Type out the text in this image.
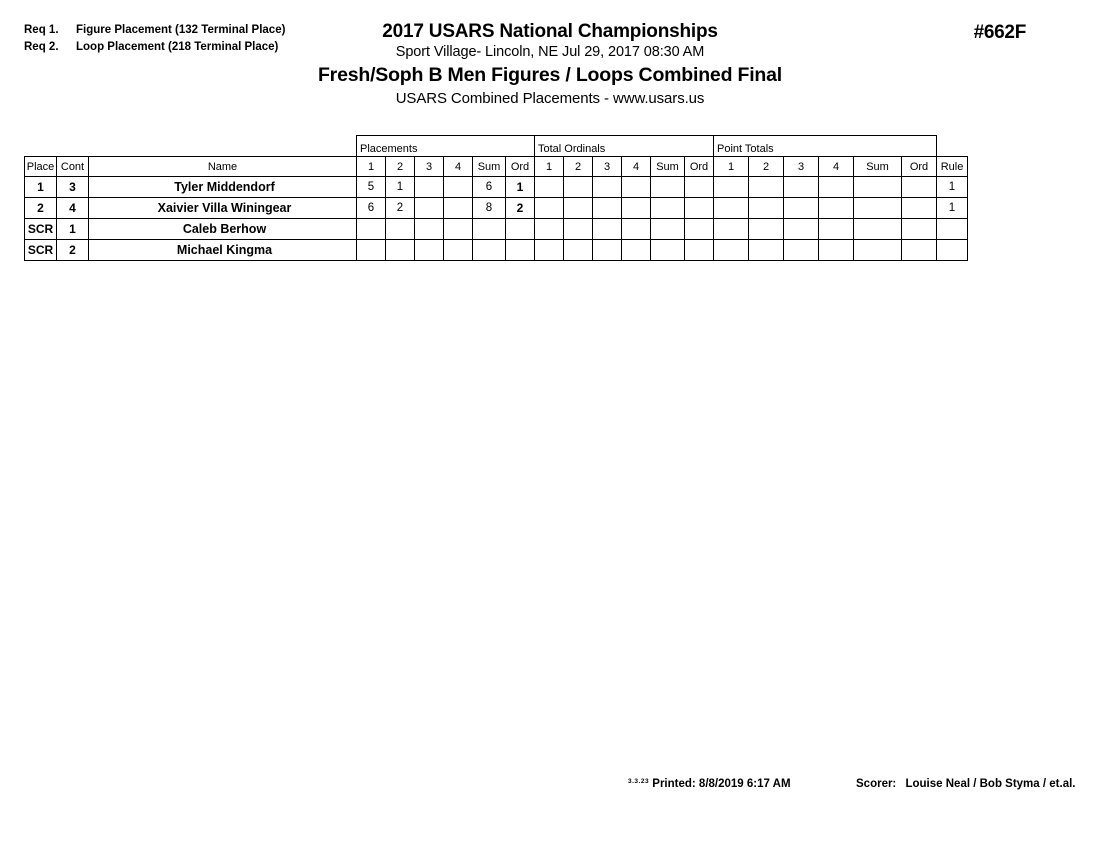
Req 1.	Figure Placement (132 Terminal Place)
Req 2.	Loop Placement (218 Terminal Place)
#662F
2017 USARS National Championships
Sport Village- Lincoln, NE Jul 29, 2017 08:30 AM
Fresh/Soph B Men Figures / Loops Combined Final
USARS Combined Placements - www.usars.us
			Placements						Total Ordinals						Point Totals						
Place	Cont	Name	1	2	3	4	Sum	Ord	1	2	3	4	Sum	Ord	1	2	3	4	Sum	Ord	Rule
1	3	Tyler Middendorf	5	1			6	1													1
2	4	Xaivier Villa Winingear	6	2			8	2													1
SCR	1	Caleb Berhow																			
SCR	2	Michael Kingma																			
$^{3.3.23}$ Printed: 8/8/2019 6:17 AM	Scorer: Louise Neal / Bob Styma / et.al.
